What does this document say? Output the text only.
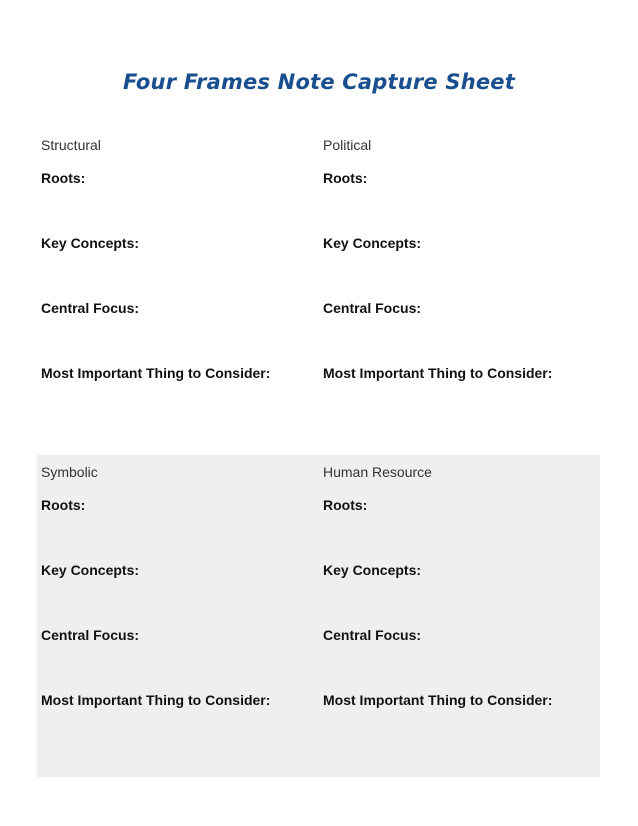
Four Frames Note Capture Sheet
Structural
Roots:
Key Concepts:
Central Focus:
Most Important Thing to Consider:
Political
Roots:
Key Concepts:
Central Focus:
Most Important Thing to Consider:
Symbolic
Roots:
Key Concepts:
Central Focus:
Most Important Thing to Consider:
Human Resource
Roots:
Key Concepts:
Central Focus:
Most Important Thing to Consider:
